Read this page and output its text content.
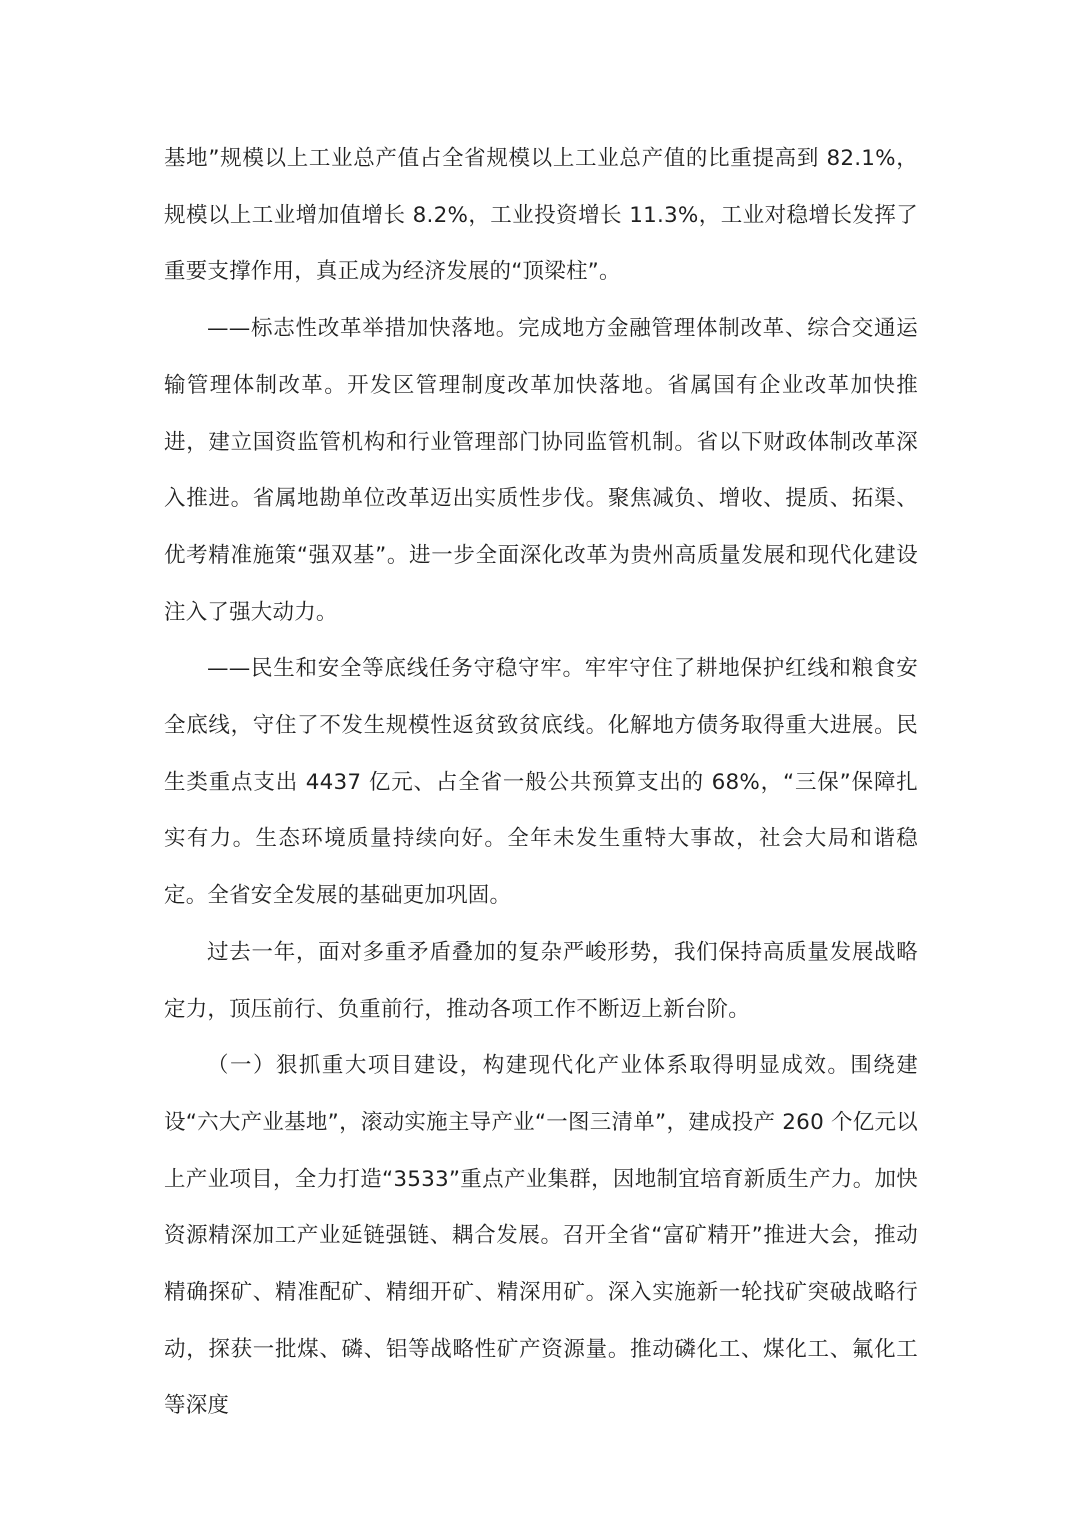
基地”规模以上工业总产值占全省规模以上工业总产值的比重提高到 82.1%，规模以上工业增加值增长 8.2%，工业投资增长 11.3%，工业对稳增长发挥了重要支撑作用，真正成为经济发展的“顶梁柱”。

——标志性改革举措加快落地。完成地方金融管理体制改革、综合交通运输管理体制改革。开发区管理制度改革加快落地。省属国有企业改革加快推进，建立国资监管机构和行业管理部门协同监管机制。省以下财政体制改革深入推进。省属地勘单位改革迈出实质性步伐。聚焦减负、增收、提质、拓渠、优考精准施策“强双基”。进一步全面深化改革为贵州高质量发展和现代化建设注入了强大动力。

——民生和安全等底线任务守稳守牢。牢牢守住了耕地保护红线和粮食安全底线，守住了不发生规模性返贫致贫底线。化解地方债务取得重大进展。民生类重点支出 4437 亿元、占全省一般公共预算支出的 68%，“三保”保障扎实有力。生态环境质量持续向好。全年未发生重特大事故，社会大局和谐稳定。全省安全发展的基础更加巩固。

过去一年，面对多重矛盾叠加的复杂严峻形势，我们保持高质量发展战略定力，顶压前行、负重前行，推动各项工作不断迈上新台阶。

（一）狠抓重大项目建设，构建现代化产业体系取得明显成效。围绕建设“六大产业基地”，滚动实施主导产业“一图三清单”，建成投产 260 个亿元以上产业项目，全力打造“3533”重点产业集群，因地制宜培育新质生产力。加快资源精深加工产业延链强链、耦合发展。召开全省“富矿精开”推进大会，推动精确探矿、精准配矿、精细开矿、精深用矿。深入实施新一轮找矿突破战略行动，探获一批煤、磷、铝等战略性矿产资源量。推动磷化工、煤化工、氟化工等深度
